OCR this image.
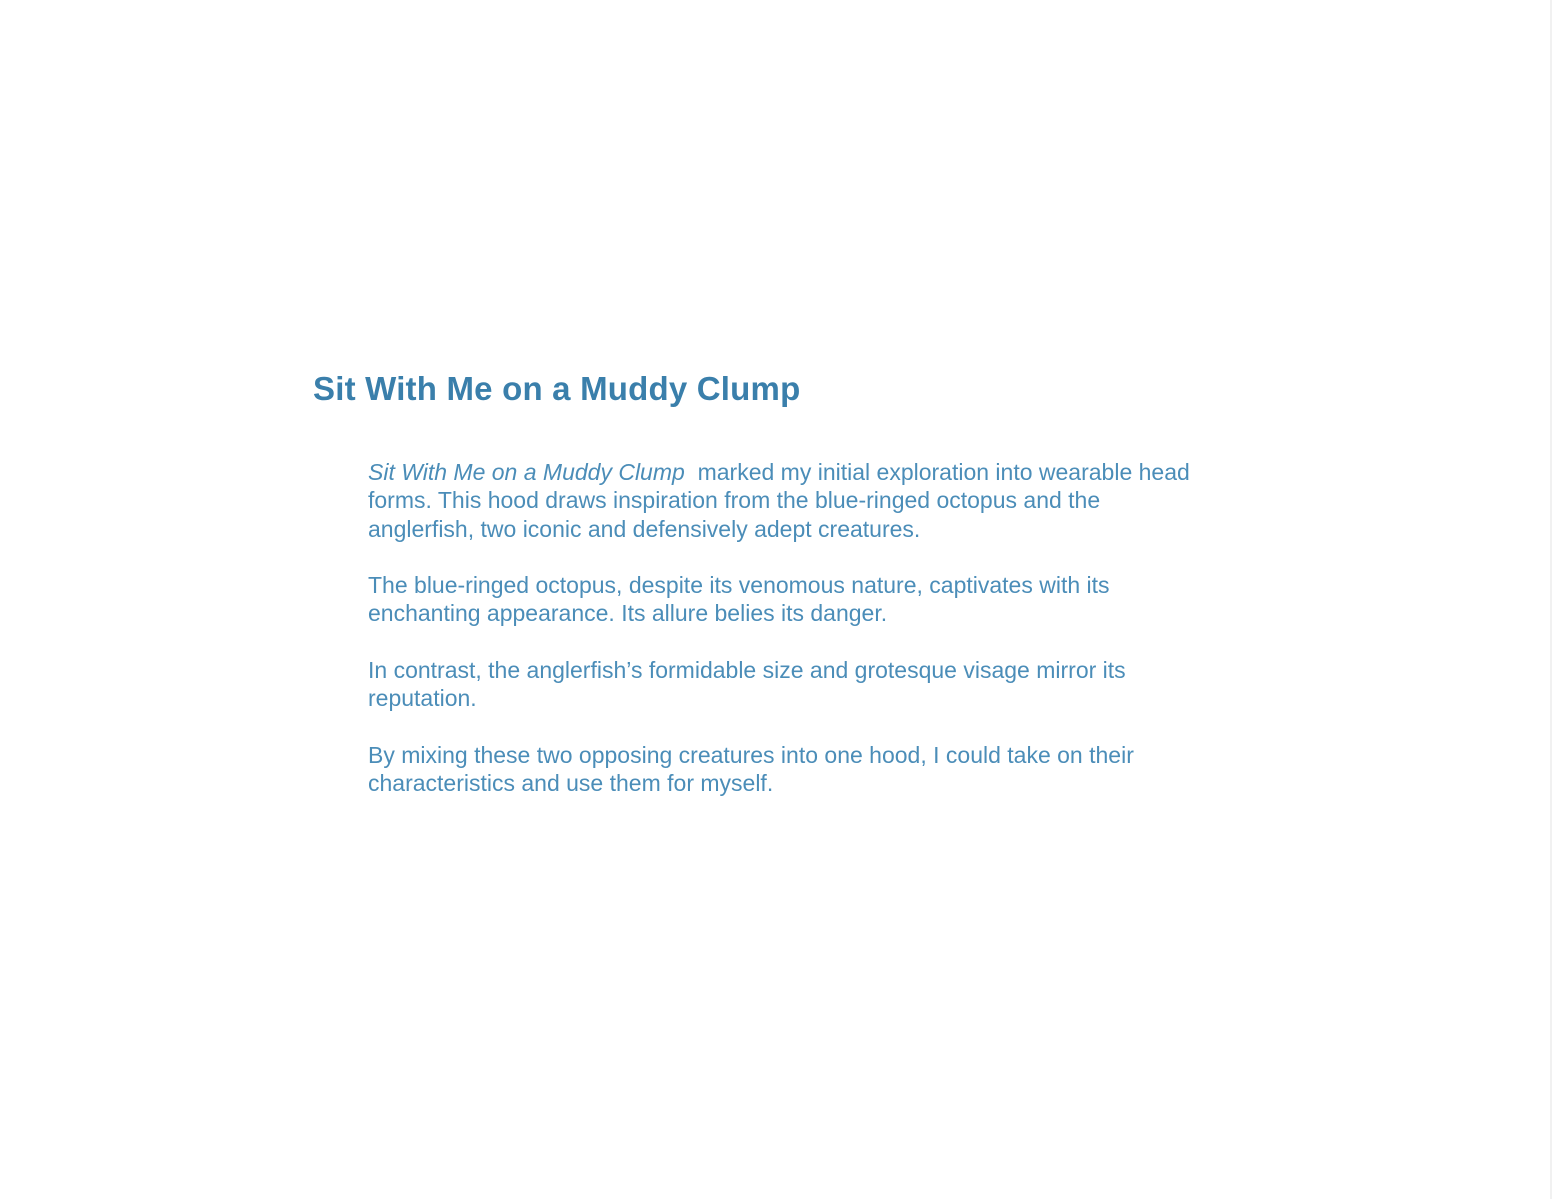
Sit With Me on a Muddy Clump

Sit With Me on a Muddy Clump marked my initial exploration into wearable head forms. This hood draws inspiration from the blue-ringed octopus and the anglerfish, two iconic and defensively adept creatures.

The blue-ringed octopus, despite its venomous nature, captivates with its enchanting appearance. Its allure belies its danger.

In contrast, the anglerfish’s formidable size and grotesque visage mirror its reputation.

By mixing these two opposing creatures into one hood, I could take on their characteristics and use them for myself.
